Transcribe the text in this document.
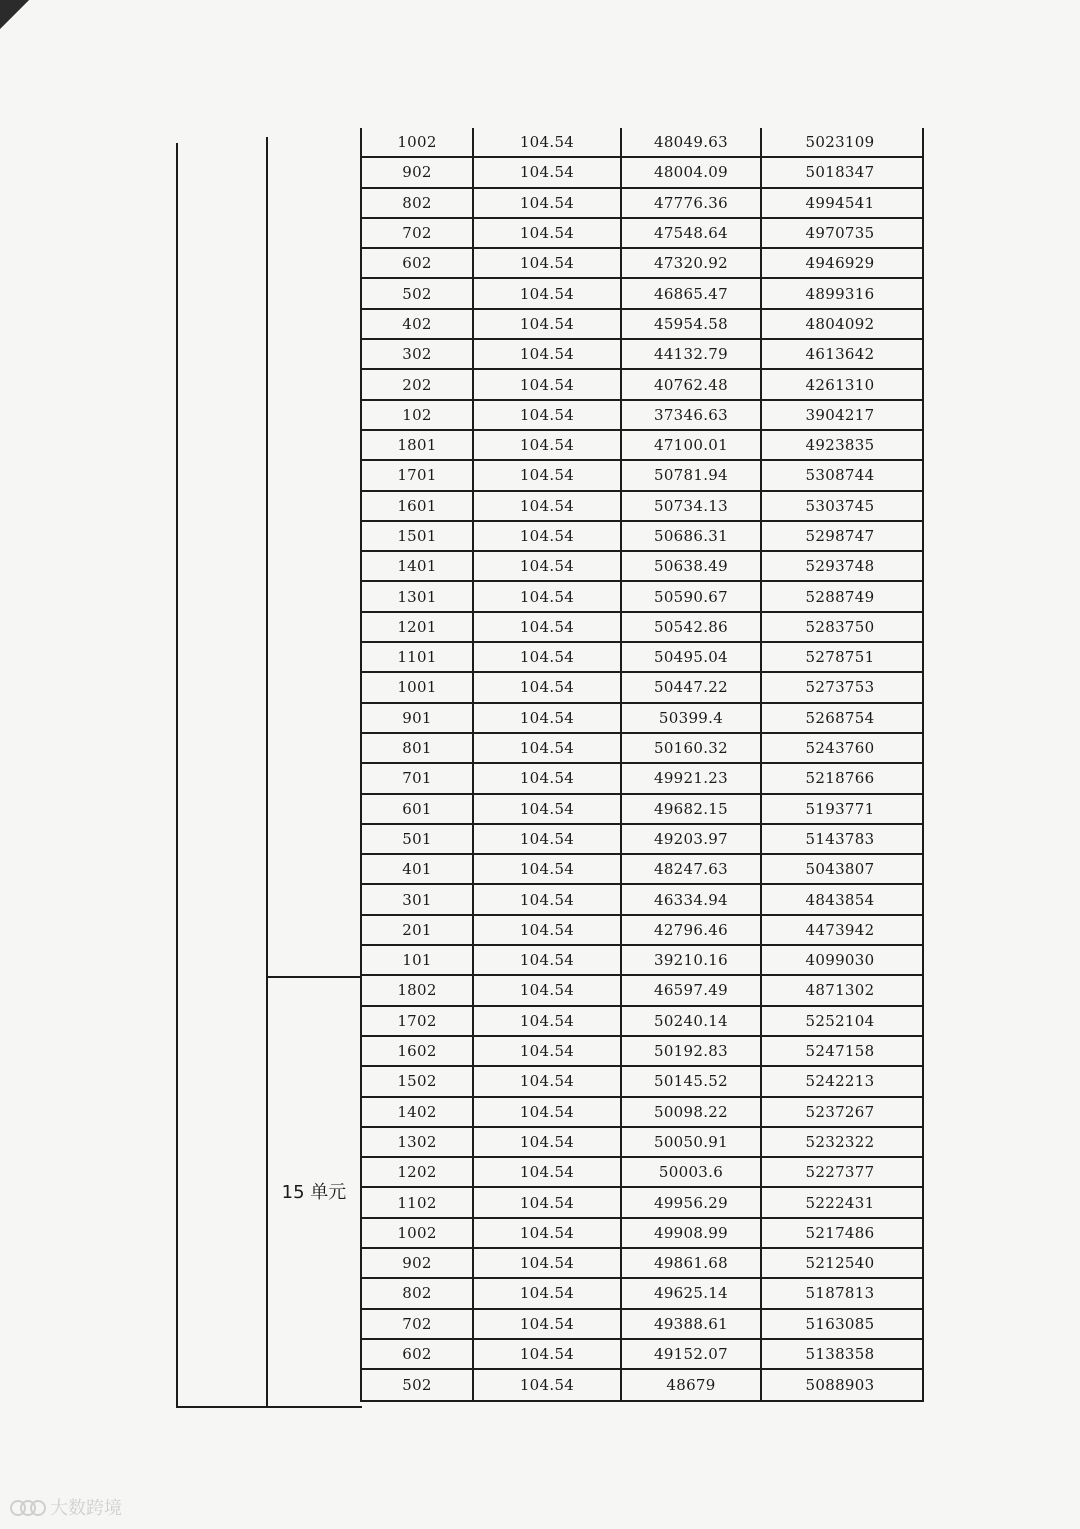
15 单元
1002	104.54	48049.63	5023109
902	104.54	48004.09	5018347
802	104.54	47776.36	4994541
702	104.54	47548.64	4970735
602	104.54	47320.92	4946929
502	104.54	46865.47	4899316
402	104.54	45954.58	4804092
302	104.54	44132.79	4613642
202	104.54	40762.48	4261310
102	104.54	37346.63	3904217
1801	104.54	47100.01	4923835
1701	104.54	50781.94	5308744
1601	104.54	50734.13	5303745
1501	104.54	50686.31	5298747
1401	104.54	50638.49	5293748
1301	104.54	50590.67	5288749
1201	104.54	50542.86	5283750
1101	104.54	50495.04	5278751
1001	104.54	50447.22	5273753
901	104.54	50399.4	5268754
801	104.54	50160.32	5243760
701	104.54	49921.23	5218766
601	104.54	49682.15	5193771
501	104.54	49203.97	5143783
401	104.54	48247.63	5043807
301	104.54	46334.94	4843854
201	104.54	42796.46	4473942
101	104.54	39210.16	4099030
1802	104.54	46597.49	4871302
1702	104.54	50240.14	5252104
1602	104.54	50192.83	5247158
1502	104.54	50145.52	5242213
1402	104.54	50098.22	5237267
1302	104.54	50050.91	5232322
1202	104.54	50003.6	5227377
1102	104.54	49956.29	5222431
1002	104.54	49908.99	5217486
902	104.54	49861.68	5212540
802	104.54	49625.14	5187813
702	104.54	49388.61	5163085
602	104.54	49152.07	5138358
502	104.54	48679	5088903
大数跨境
